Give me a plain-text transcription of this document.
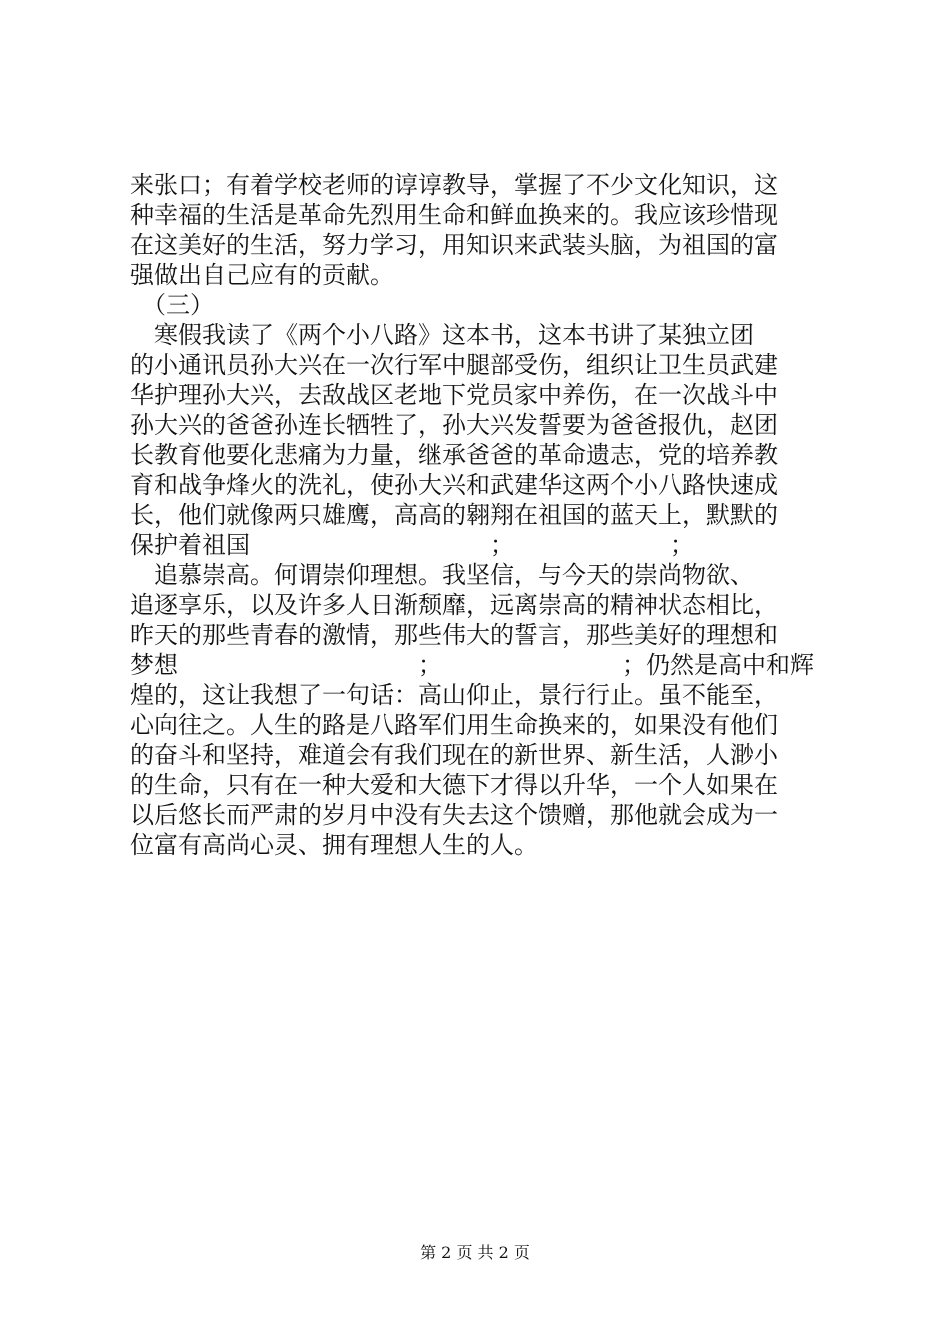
来张口；有着学校老师的谆谆教导，掌握了不少文化知识，这
种幸福的生活是革命先烈用生命和鲜血换来的。我应该珍惜现
在这美好的生活，努力学习，用知识来武装头脑，为祖国的富
强做出自己应有的贡献。
　（三）
　寒假我读了《两个小八路》这本书，这本书讲了某独立团
的小通讯员孙大兴在一次行军中腿部受伤，组织让卫生员武建
华护理孙大兴，去敌战区老地下党员家中养伤，在一次战斗中
孙大兴的爸爸孙连长牺牲了，孙大兴发誓要为爸爸报仇，赵团
长教育他要化悲痛为力量，继承爸爸的革命遗志，党的培养教
育和战争烽火的洗礼，使孙大兴和武建华这两个小八路快速成
长，他们就像两只雄鹰，高高的翱翔在祖国的蓝天上，默默的
保护着祖国　　　　　　　　　　；　　　　　　　；
　追慕崇高。何谓崇仰理想。我坚信，与今天的崇尚物欲、
追逐享乐，以及许多人日渐颓靡，远离崇高的精神状态相比，
昨天的那些青春的激情，那些伟大的誓言，那些美好的理想和
梦想　　　　　　　　　　；　　　　　　　　；仍然是高中和辉
煌的，这让我想了一句话：高山仰止，景行行止。虽不能至，
心向往之。人生的路是八路军们用生命换来的，如果没有他们
的奋斗和坚持，难道会有我们现在的新世界、新生活，人渺小
的生命，只有在一种大爱和大德下才得以升华，一个人如果在
以后悠长而严肃的岁月中没有失去这个馈赠，那他就会成为一
位富有高尚心灵、拥有理想人生的人。
第 2 页 共 2 页
